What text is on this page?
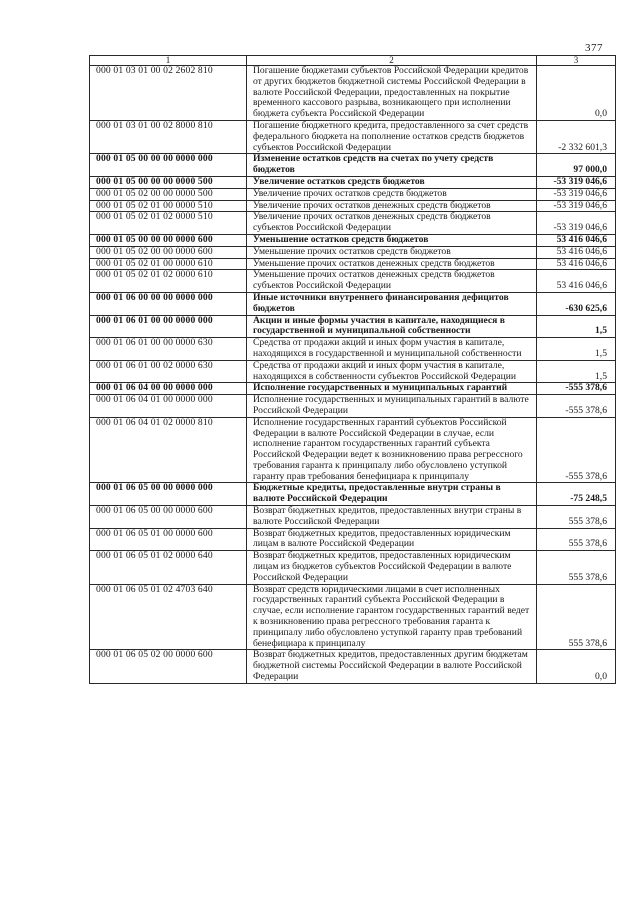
377
1	2	3
000 01 03 01 00 02 2602 810	Погашение бюджетами субъектов Российской Федерации кредитов от других бюджетов бюджетной системы Российской Федерации в валюте Российской Федерации, предоставленных на покрытие временного кассового разрыва, возникающего при исполнении бюджета субъекта Российской Федерации	0,0
000 01 03 01 00 02 8000 810	Погашение бюджетного кредита, предоставленного за счет средств федерального бюджета на пополнение остатков средств бюджетов субъектов Российской Федерации	-2 332 601,3
000 01 05 00 00 00 0000 000	Изменение остатков средств на счетах по учету средств бюджетов	97 000,0
000 01 05 00 00 00 0000 500	Увеличение остатков средств бюджетов	-53 319 046,6
000 01 05 02 00 00 0000 500	Увеличение прочих остатков средств бюджетов	-53 319 046,6
000 01 05 02 01 00 0000 510	Увеличение прочих остатков денежных средств бюджетов	-53 319 046,6
000 01 05 02 01 02 0000 510	Увеличение прочих остатков денежных средств бюджетов субъектов Российской Федерации	-53 319 046,6
000 01 05 00 00 00 0000 600	Уменьшение остатков средств бюджетов	53 416 046,6
000 01 05 02 00 00 0000 600	Уменьшение прочих остатков средств бюджетов	53 416 046,6
000 01 05 02 01 00 0000 610	Уменьшение прочих остатков денежных средств бюджетов	53 416 046,6
000 01 05 02 01 02 0000 610	Уменьшение прочих остатков денежных средств бюджетов субъектов Российской Федерации	53 416 046,6
000 01 06 00 00 00 0000 000	Иные источники внутреннего финансирования дефицитов бюджетов	-630 625,6
000 01 06 01 00 00 0000 000	Акции и иные формы участия в капитале, находящиеся в государственной и муниципальной собственности	1,5
000 01 06 01 00 00 0000 630	Средства от продажи акций и иных форм участия в капитале, находящихся в государственной и муниципальной собственности	1,5
000 01 06 01 00 02 0000 630	Средства от продажи акций и иных форм участия в капитале, находящихся в собственности субъектов Российской Федерации	1,5
000 01 06 04 00 00 0000 000	Исполнение государственных и муниципальных гарантий	-555 378,6
000 01 06 04 01 00 0000 000	Исполнение государственных и муниципальных гарантий в валюте Российской Федерации	-555 378,6
000 01 06 04 01 02 0000 810	Исполнение государственных гарантий субъектов Российской Федерации в валюте Российской Федерации в случае, если исполнение гарантом государственных гарантий субъекта Российской Федерации ведет к возникновению права регрессного требования гаранта к принципалу либо обусловлено уступкой гаранту прав требования бенефициара к принципалу	-555 378,6
000 01 06 05 00 00 0000 000	Бюджетные кредиты, предоставленные внутри страны в валюте Российской Федерации	-75 248,5
000 01 06 05 00 00 0000 600	Возврат бюджетных кредитов, предоставленных внутри страны в валюте Российской Федерации	555 378,6
000 01 06 05 01 00 0000 600	Возврат бюджетных кредитов, предоставленных юридическим лицам в валюте Российской Федерации	555 378,6
000 01 06 05 01 02 0000 640	Возврат бюджетных кредитов, предоставленных юридическим лицам из бюджетов субъектов Российской Федерации в валюте Российской Федерации	555 378,6
000 01 06 05 01 02 4703 640	Возврат средств юридическими лицами в счет исполненных государственных гарантий субъекта Российской Федерации в случае, если исполнение гарантом государственных гарантий ведет к возникновению права регрессного требования гаранта к принципалу либо обусловлено уступкой гаранту прав требований бенефициара к принципалу	555 378,6
000 01 06 05 02 00 0000 600	Возврат бюджетных кредитов, предоставленных другим бюджетам бюджетной системы Российской Федерации в валюте Российской Федерации	0,0
